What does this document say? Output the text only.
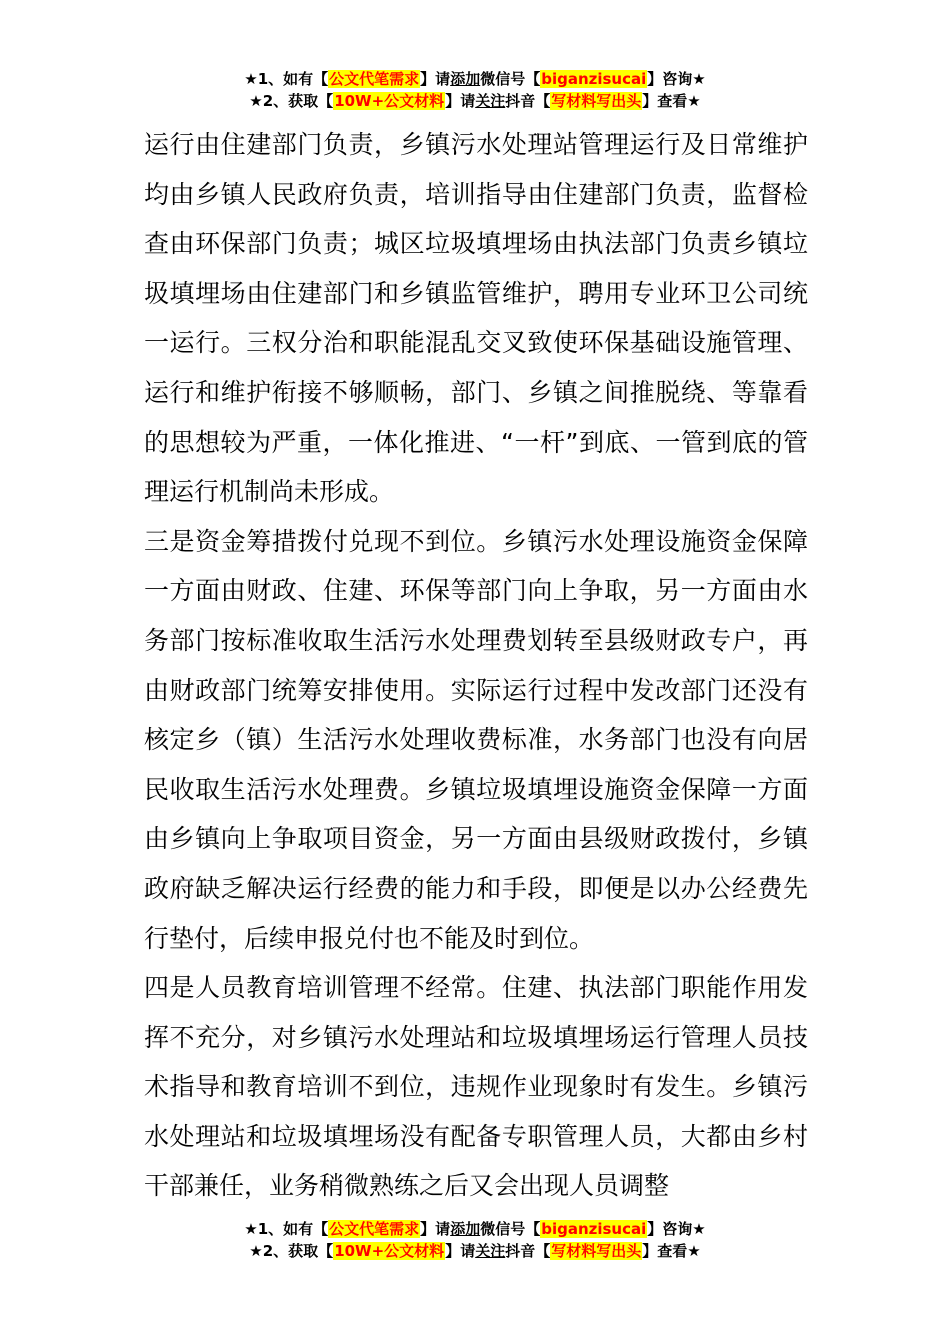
★1、如有【公文代笔需求】请添加微信号【biganzisucai】咨询★
★2、获取【10W+公文材料】请关注抖音【写材料写出头】查看★

运行由住建部门负责，乡镇污水处理站管理运行及日常维护均由乡镇人民政府负责，培训指导由住建部门负责，监督检查由环保部门负责；城区垃圾填埋场由执法部门负责乡镇垃圾填埋场由住建部门和乡镇监管维护，聘用专业环卫公司统一运行。三权分治和职能混乱交叉致使环保基础设施管理、运行和维护衔接不够顺畅，部门、乡镇之间推脱绕、等靠看的思想较为严重，一体化推进、“一杆”到底、一管到底的管理运行机制尚未形成。

三是资金筹措拨付兑现不到位。乡镇污水处理设施资金保障一方面由财政、住建、环保等部门向上争取，另一方面由水务部门按标准收取生活污水处理费划转至县级财政专户，再由财政部门统筹安排使用。实际运行过程中发改部门还没有核定乡（镇）生活污水处理收费标准，水务部门也没有向居民收取生活污水处理费。乡镇垃圾填埋设施资金保障一方面由乡镇向上争取项目资金，另一方面由县级财政拨付，乡镇政府缺乏解决运行经费的能力和手段，即便是以办公经费先行垫付，后续申报兑付也不能及时到位。

四是人员教育培训管理不经常。住建、执法部门职能作用发挥不充分，对乡镇污水处理站和垃圾填埋场运行管理人员技术指导和教育培训不到位，违规作业现象时有发生。乡镇污水处理站和垃圾填埋场没有配备专职管理人员，大都由乡村干部兼任，业务稍微熟练之后又会出现人员调整

★1、如有【公文代笔需求】请添加微信号【biganzisucai】咨询★
★2、获取【10W+公文材料】请关注抖音【写材料写出头】查看★
